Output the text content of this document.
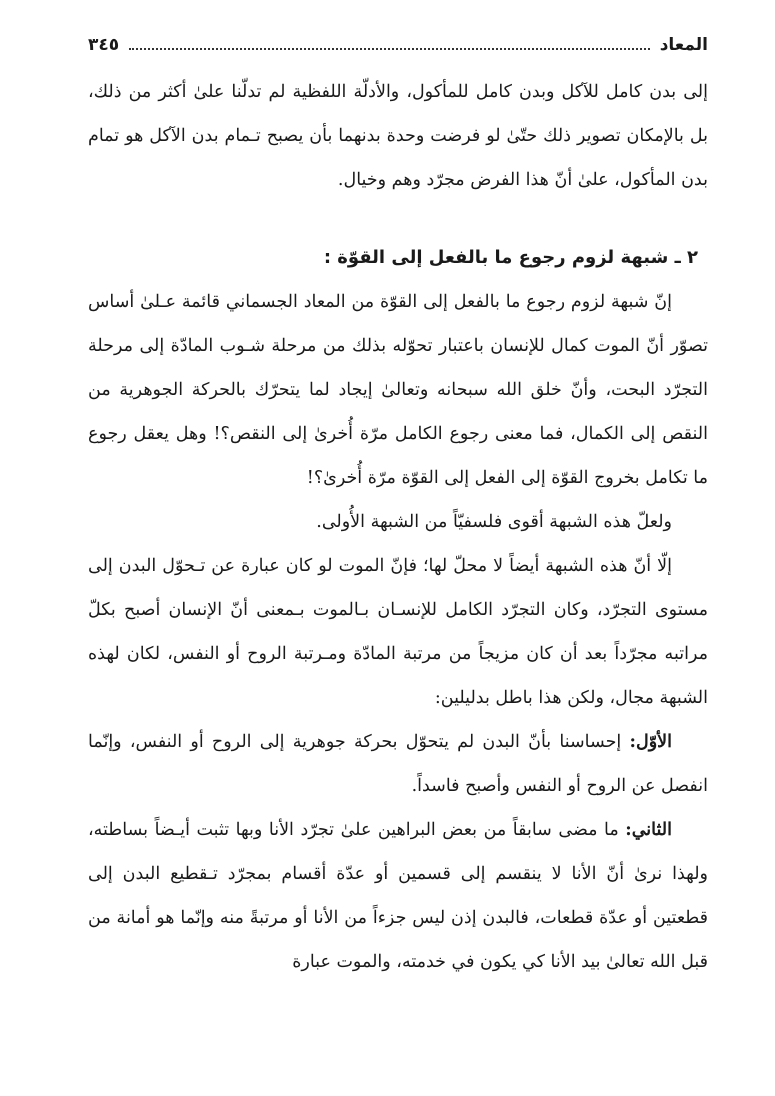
المعاد
٣٤٥

إلى بدن كامل للآكل وبدن كامل للمأكول، والأدلّة اللفظية لم تدلّنا علىٰ أكثر من ذلك، بل بالإمكان تصوير ذلك حتّىٰ لو فرضت وحدة بدنهما بأن يصبح تـمام بدن الآكل هو تمام بدن المأكول، علىٰ أنّ هذا الفرض مجرّد وهم وخيال.

٢ ـ شبهة لزوم رجوع ما بالفعل إلى القوّة :

إنّ شبهة لزوم رجوع ما بالفعل إلى القوّة من المعاد الجسماني قائمة عـلىٰ أساس تصوّر أنّ الموت كمال للإنسان باعتبار تحوّله بذلك من مرحلة شـوب المادّة إلى مرحلة التجرّد البحت، وأنّ خلق الله سبحانه وتعالىٰ إيجاد لما يتحرّك بالحركة الجوهرية من النقص إلى الكمال، فما معنى رجوع الكامل مرّة أُخرىٰ إلى النقص؟! وهل يعقل رجوع ما تكامل بخروج القوّة إلى الفعل إلى القوّة مرّة أُخرىٰ؟!

ولعلّ هذه الشبهة أقوى فلسفيّاً من الشبهة الأُولى.

إلّا أنّ هذه الشبهة أيضاً لا محلّ لها؛ فإنّ الموت لو كان عبارة عن تـحوّل البدن إلى مستوى التجرّد، وكان التجرّد الكامل للإنسـان بـالموت بـمعنى أنّ الإنسان أصبح بكلّ مراتبه مجرّداً بعد أن كان مزيجاً من مرتبة المادّة ومـرتبة الروح أو النفس، لكان لهذه الشبهة مجال، ولكن هذا باطل بدليلين:

الأوّل: إحساسنا بأنّ البدن لم يتحوّل بحركة جوهرية إلى الروح أو النفس، وإنّما انفصل عن الروح أو النفس وأصبح فاسداً.

الثاني: ما مضى سابقاً من بعض البراهين علىٰ تجرّد الأنا وبها تثبت أيـضاً بساطته، ولهذا نرىٰ أنّ الأنا لا ينقسم إلى قسمين أو عدّة أقسام بمجرّد تـقطيع البدن إلى قطعتين أو عدّة قطعات، فالبدن إذن ليس جزءاً من الأنا أو مرتبةً منه وإنّما هو أمانة من قبل الله تعالىٰ بيد الأنا كي يكون في خدمته، والموت عبارة
